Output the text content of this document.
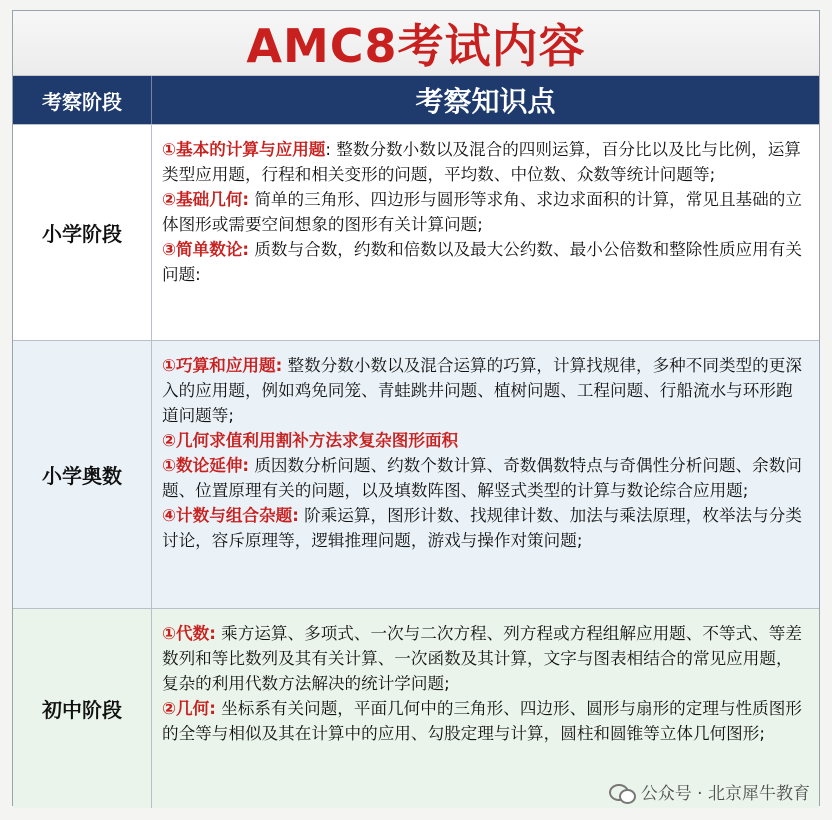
AMC8考试内容
考察阶段	考察知识点
小学阶段

①基本的计算与应用题: 整数分数小数以及混合的四则运算，百分比以及比与比例，运算类型应用题，行程和相关变形的问题，平均数、中位数、众数等统计问题等;

②基础几何: 简单的三角形、四边形与圆形等求角、求边求面积的计算，常见且基础的立体图形或需要空间想象的图形有关计算问题;

③简单数论: 质数与合数，约数和倍数以及最大公约数、最小公倍数和整除性质应用有关问题:

小学奥数

①巧算和应用题: 整数分数小数以及混合运算的巧算，计算找规律，多种不同类型的更深入的应用题，例如鸡免同笼、青蛙跳井问题、植树问题、工程问题、行船流水与环形跑道问题等;

②几何求值利用割补方法求复杂图形面积

①数论延伸: 质因数分析问题、约数个数计算、奇数偶数特点与奇偶性分析问题、余数问题、位置原理有关的问题，以及填数阵图、解竖式类型的计算与数论综合应用题;

④计数与组合杂题: 阶乘运算，图形计数、找规律计数、加法与乘法原理，枚举法与分类讨论，容斥原理等，逻辑推理问题，游戏与操作对策问题;

初中阶段

①代数: 乘方运算、多项式、一次与二次方程、列方程或方程组解应用题、不等式、等差数列和等比数列及其有关计算、一次函数及其计算，文字与图表相结合的常见应用题，复杂的利用代数方法解决的统计学问题;

②几何: 坐标系有关问题，平面几何中的三角形、四边形、圆形与扇形的定理与性质图形的全等与相似及其在计算中的应用、勾股定理与计算，圆柱和圆锥等立体几何图形;

公众号 · 北京犀牛教育
